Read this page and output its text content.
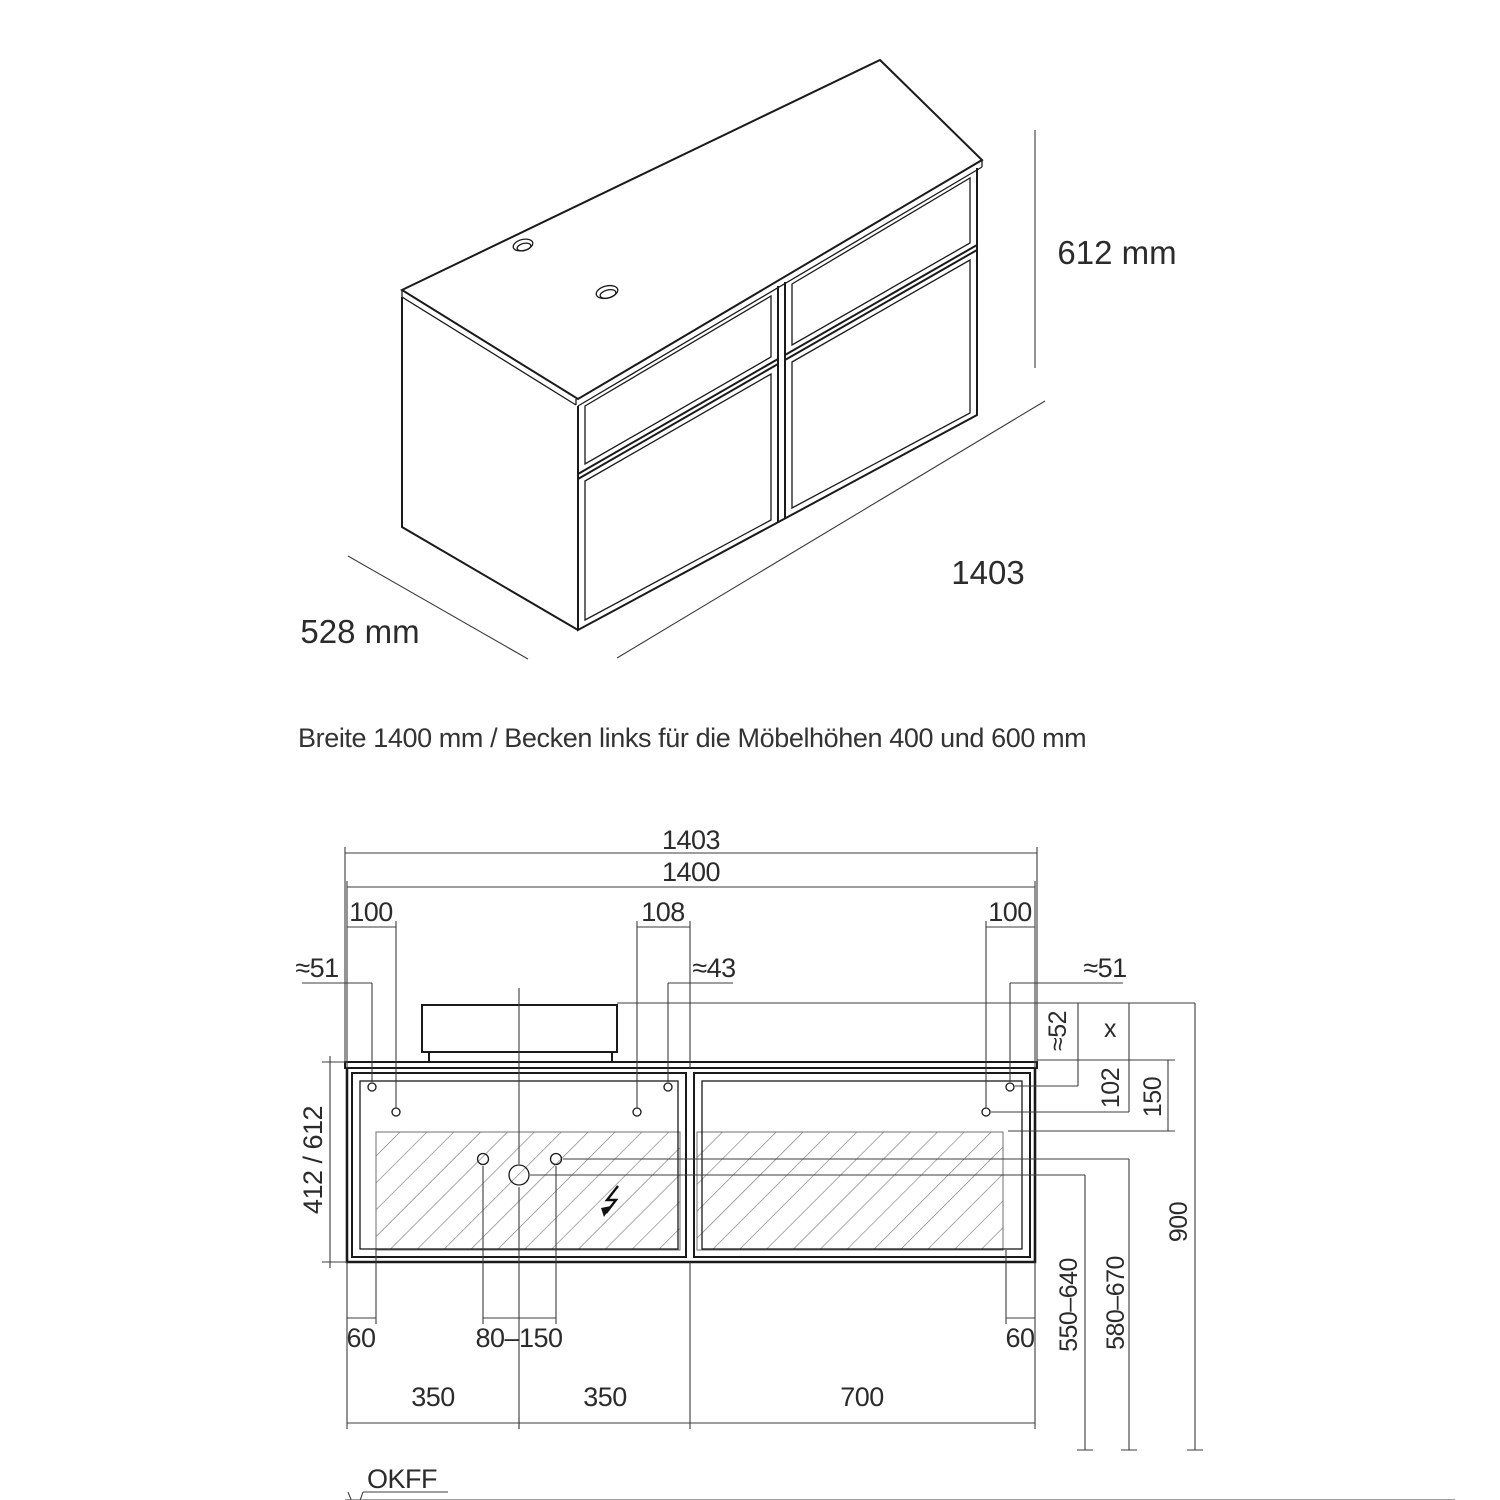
612 mm
1403
528 mm
Breite 1400 mm / Becken links für die Möbelhöhen 400 und 600 mm
1403
1400
100	108	100
≈51	≈43	≈51
≈52 x
102 150
412 / 612
550–640 580–670
900
60	80–150	60
350	350	700
OKFF
